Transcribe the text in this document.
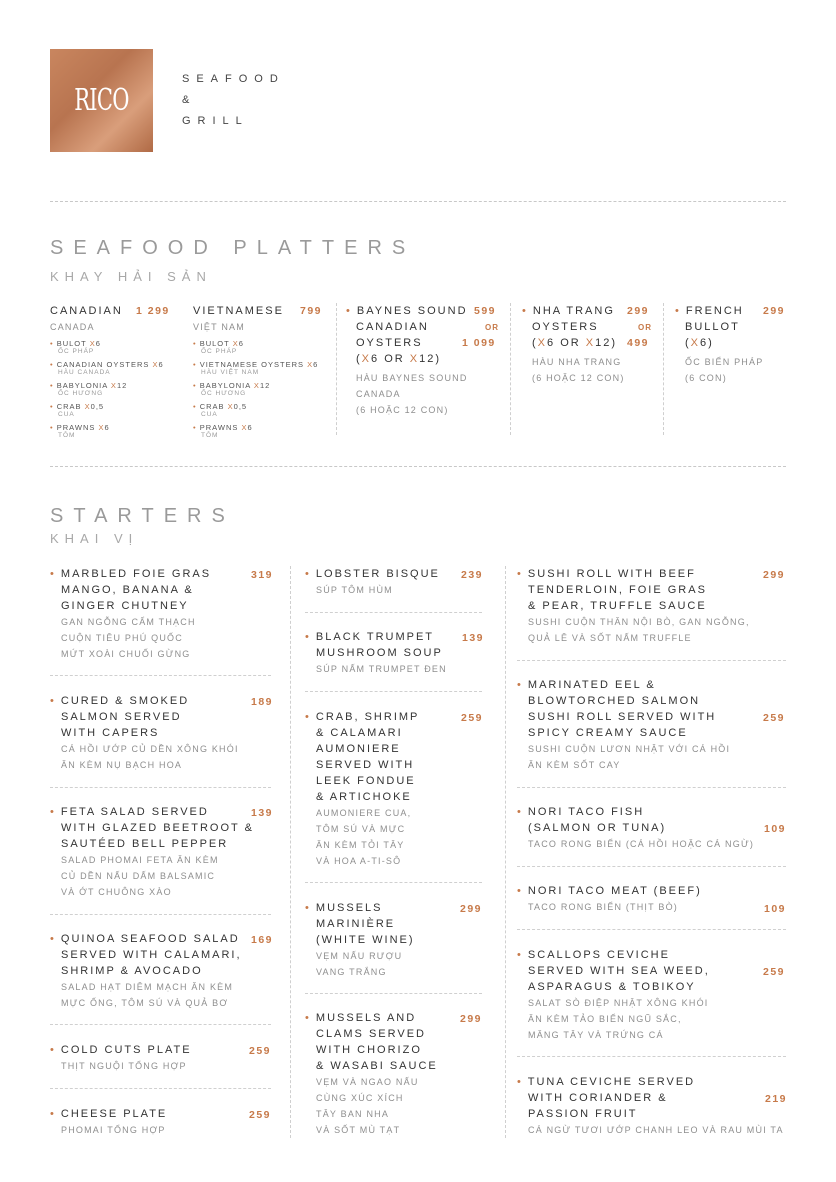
RICO
SEAFOOD
&
GRILL
SEAFOOD PLATTERS
KHAY HẢI SẢN
CANADIAN 1 299
CANADA
• BULOT X6
ỐC PHÁP
• CANADIAN OYSTERS X6
HÀU CANADA
• BABYLONIA X12
ỐC HƯƠNG
• CRAB X0,5
CUA
• PRAWNS X6
TÔM
VIETNAMESE 799
VIỆT NAM
• BULOT X6
ỐC PHÁP
• VIETNAMESE OYSTERS X6
HÀU VIỆT NAM
• BABYLONIA X12
ỐC HƯƠNG
• CRAB X0,5
CUA
• PRAWNS X6
TÔM
• BAYNES SOUND
CANADIAN
OYSTERS
(X6 OR X12)
HÀU BAYNES SOUND
CANADA
(6 HOẶC 12 CON)
599
OR
1 099
• NHA TRANG
OYSTERS
(X6 OR X12)
HÀU NHA TRANG
(6 HOẶC 12 CON)
299
OR
499
• FRENCH
BULLOT
(X6)
ỐC BIỂN PHÁP
(6 CON)
299
STARTERS
KHAI VỊ
• MARBLED FOIE GRAS
MANGO, BANANA &
GINGER CHUTNEY
GAN NGỖNG CẨM THẠCH
CUỘN TIÊU PHÚ QUỐC
MỨT XOÀI CHUỐI GỪNG
319
• CURED & SMOKED
SALMON SERVED
WITH CAPERS
CÁ HỒI ƯỚP CỦ DỀN XÔNG KHÓI
ĂN KÈM NỤ BẠCH HOA
189
• FETA SALAD SERVED
WITH GLAZED BEETROOT &
SAUTÉED BELL PEPPER
SALAD PHOMAI FETA ĂN KÈM
CỦ DỀN NẤU DẤM BALSAMIC
VÀ ỚT CHUÔNG XÀO
139
• QUINOA SEAFOOD SALAD
SERVED WITH CALAMARI,
SHRIMP & AVOCADO
SALAD HẠT DIÊM MẠCH ĂN KÈM
MỰC ỐNG, TÔM SÚ VÀ QUẢ BƠ
169
• COLD CUTS PLATE
THỊT NGUỘI TỔNG HỢP
259
• CHEESE PLATE
PHOMAI TỔNG HỢP
259
• LOBSTER BISQUE
SÚP TÔM HÙM
239
• BLACK TRUMPET
MUSHROOM SOUP
SÚP NẤM TRUMPET ĐEN
139
• CRAB, SHRIMP
& CALAMARI
AUMONIERE
SERVED WITH
LEEK FONDUE
& ARTICHOKE
AUMONIERE CUA,
TÔM SÚ VÀ MỰC
ĂN KÈM TỎI TÂY
VÀ HOA A-TI-SÔ
259
• MUSSELS
MARINIÈRE
(WHITE WINE)
VẸM NẤU RƯỢU
VANG TRẮNG
299
• MUSSELS AND
CLAMS SERVED
WITH CHORIZO
& WASABI SAUCE
VẸM VÀ NGAO NẤU
CÙNG XÚC XÍCH
TÂY BAN NHA
VÀ SỐT MÙ TẠT
299
• SUSHI ROLL WITH BEEF
TENDERLOIN, FOIE GRAS
& PEAR, TRUFFLE SAUCE
SUSHI CUỘN THĂN NỘI BÒ, GAN NGỖNG,
QUẢ LÊ VÀ SỐT NẤM TRUFFLE
299
• MARINATED EEL &
BLOWTORCHED SALMON
SUSHI ROLL SERVED WITH
SPICY CREAMY SAUCE
SUSHI CUỘN LƯƠN NHẬT VỚI CÁ HỒI
ĂN KÈM SỐT CAY
259
• NORI TACO FISH
(SALMON OR TUNA)
TACO RONG BIỂN (CÁ HỒI HOẶC CÁ NGỪ)
109
• NORI TACO MEAT (BEEF)
TACO RONG BIỂN (THỊT BÒ)	109
• SCALLOPS CEVICHE
SERVED WITH SEA WEED,
ASPARAGUS & TOBIKOY
SALAT SÒ ĐIỆP NHẬT XÔNG KHÓI
ĂN KÈM TẢO BIỂN NGŨ SẮC,
MĂNG TÂY VÀ TRỨNG CÁ
259
• TUNA CEVICHE SERVED
WITH CORIANDER &
PASSION FRUIT
CÁ NGỪ TƯƠI ƯỚP CHANH LEO VÀ RAU MÙI TA
219
